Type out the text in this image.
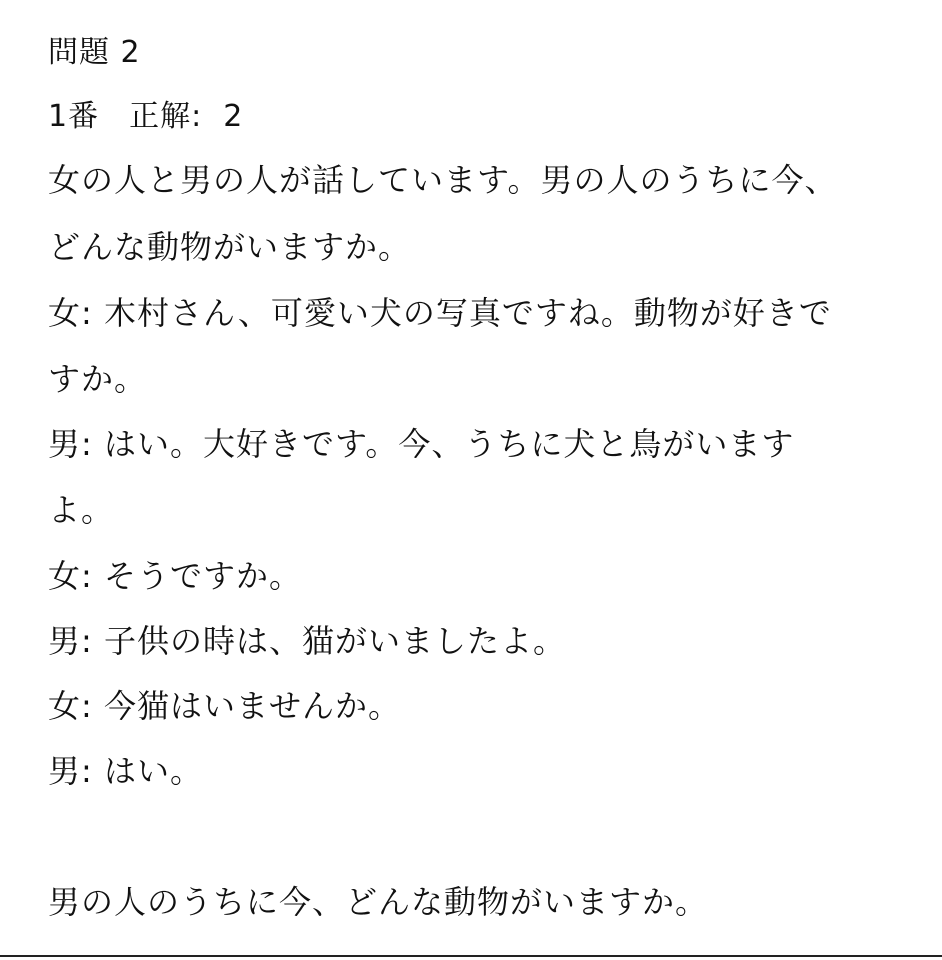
問題 2
1番 正解: 2
女の人と男の人が話しています。男の人のうちに今、
どんな動物がいますか。
女: 木村さん、可愛い犬の写真ですね。動物が好きで
すか。
男: はい。大好きです。今、うちに犬と鳥がいます
よ。
女: そうですか。
男: 子供の時は、猫がいましたよ。
女: 今猫はいませんか。
男: はい。
男の人のうちに今、どんな動物がいますか。
